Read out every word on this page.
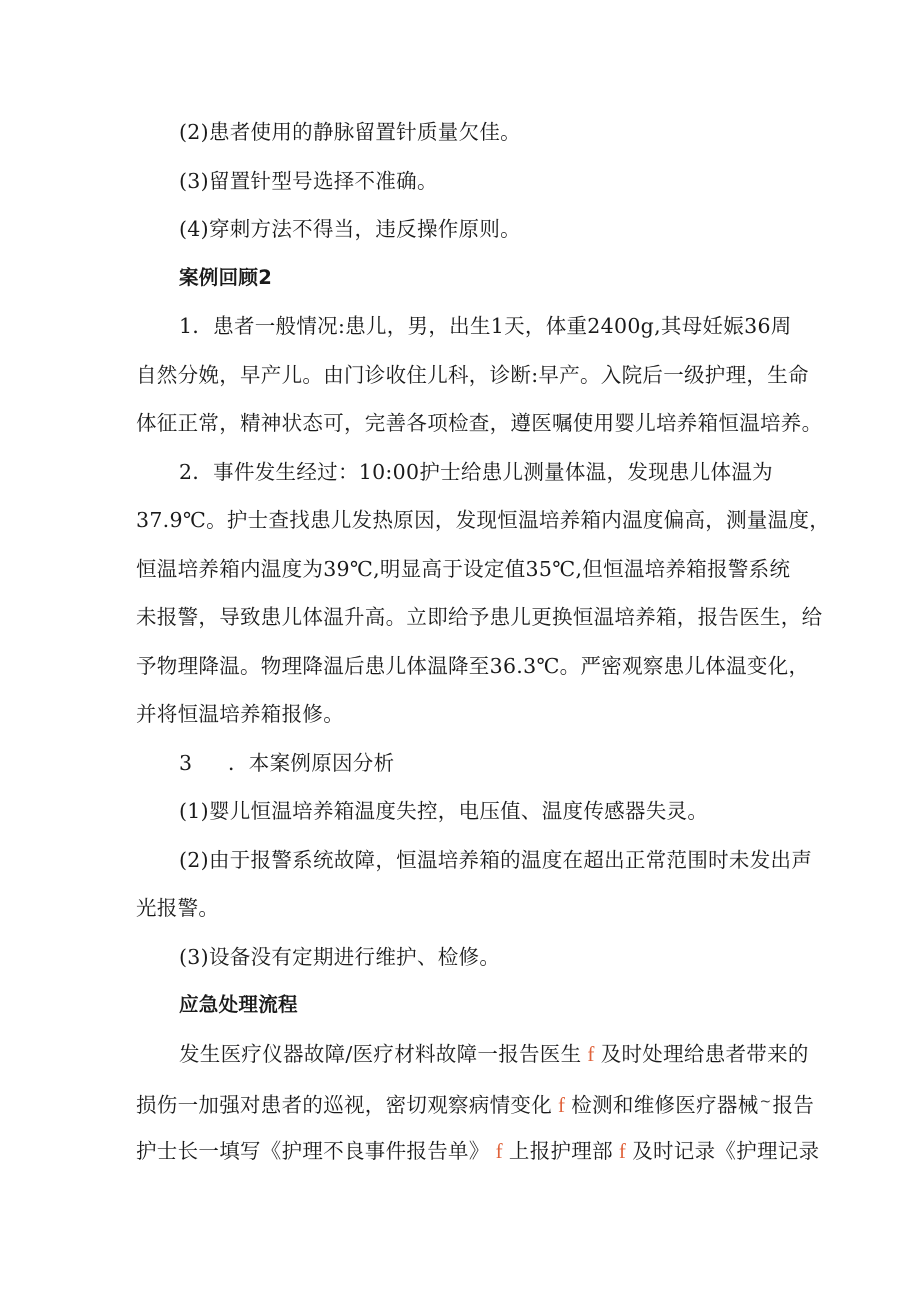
(2)患者使用的静脉留置针质量欠佳。
(3)留置针型号选择不准确。
(4)穿刺方法不得当，违反操作原则。
案例回顾2
1．患者一般情况:患儿，男，出生1天，体重2400g,其母妊娠36周
自然分娩，早产儿。由门诊收住儿科，诊断:早产。入院后一级护理，生命
体征正常，精神状态可，完善各项检查，遵医嘱使用婴儿培养箱恒温培养。
2．事件发生经过：10:00护士给患儿测量体温，发现患儿体温为
37.9℃。护士查找患儿发热原因，发现恒温培养箱内温度偏高，测量温度，
恒温培养箱内温度为39℃,明显高于设定值35℃,但恒温培养箱报警系统
未报警，导致患儿体温升高。立即给予患儿更换恒温培养箱，报告医生，给
予物理降温。物理降温后患儿体温降至36.3℃。严密观察患儿体温变化，
并将恒温培养箱报修。
3 ．本案例原因分析
(1)婴儿恒温培养箱温度失控，电压值、温度传感器失灵。
(2)由于报警系统故障，恒温培养箱的温度在超出正常范围时未发出声
光报警。
(3)设备没有定期进行维护、检修。
应急处理流程
发生医疗仪器故障/医疗材料故障一报告医生 f 及时处理给患者带来的
损伤一加强对患者的巡视，密切观察病情变化 f 检测和维修医疗器械~报告
护士长一填写《护理不良事件报告单》 f 上报护理部 f 及时记录《护理记录
